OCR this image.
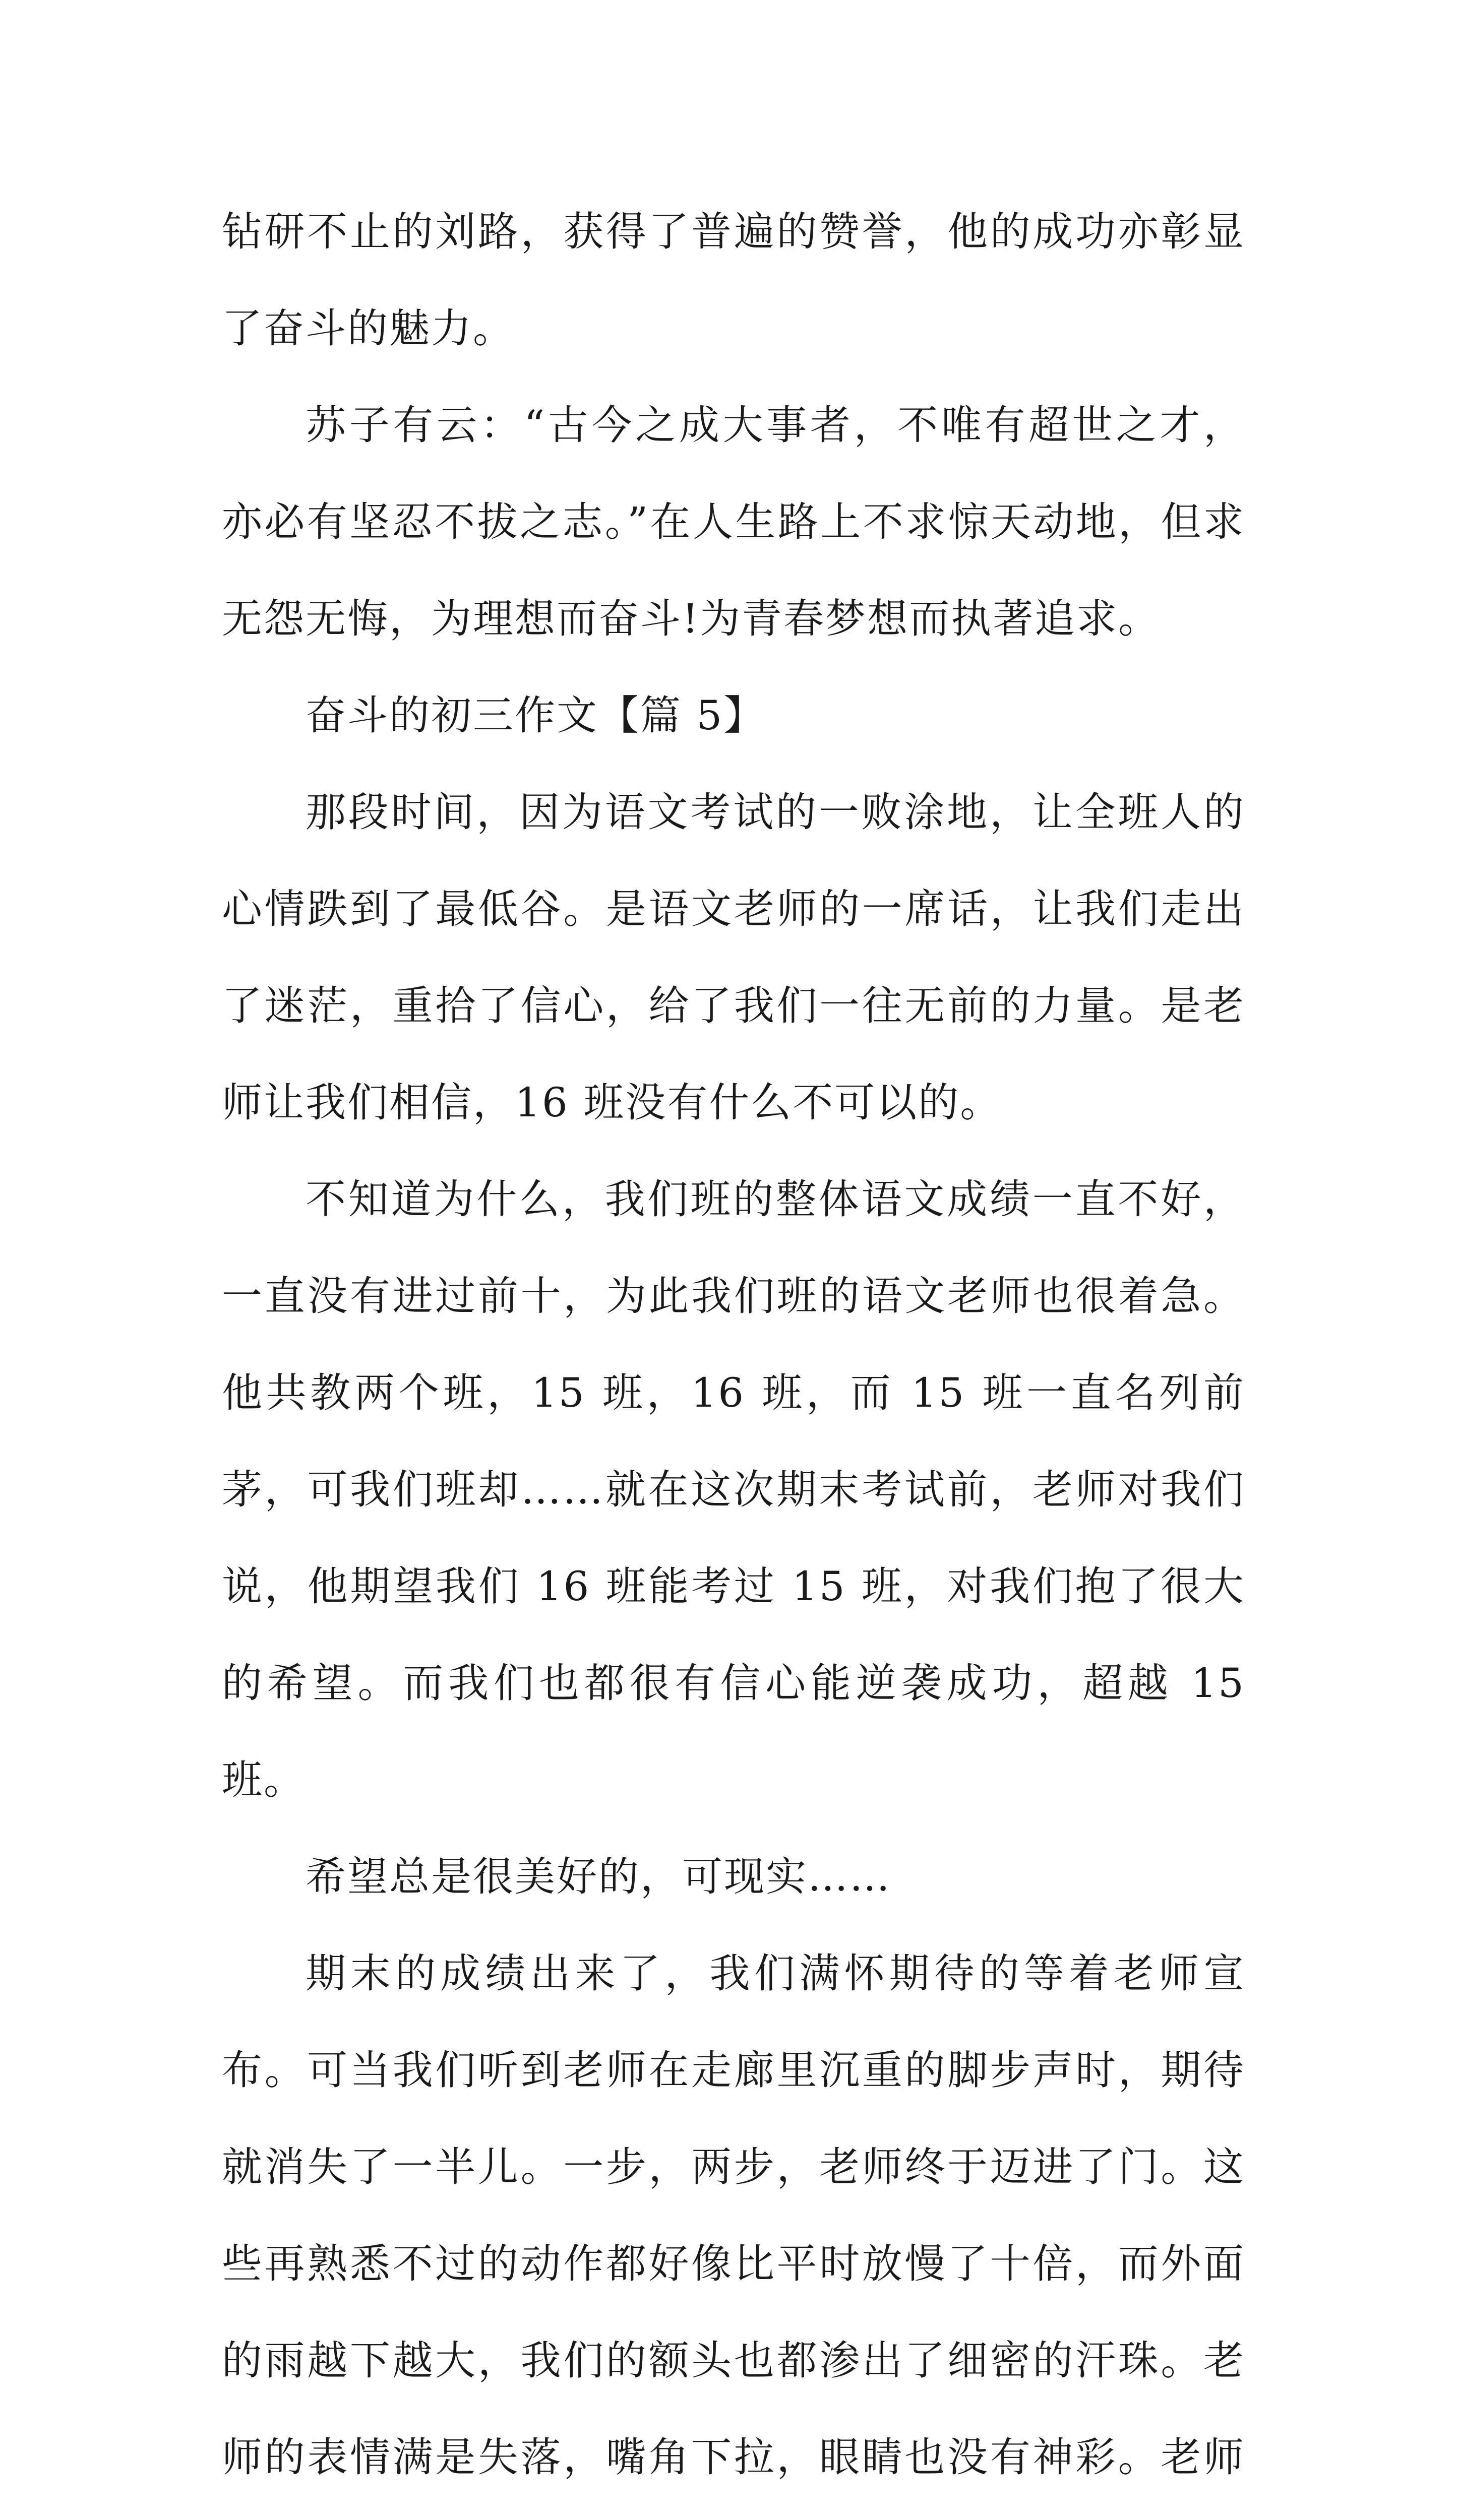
钻研不止的刘路，获得了普遍的赞誉，他的成功亦彰显了奋斗的魅力。

苏子有云：“古今之成大事者，不唯有超世之才，亦必有坚忍不拔之志。”在人生路上不求惊天动地，但求无怨无悔，为理想而奋斗!为青春梦想而执著追求。

奋斗的初三作文【篇 5】

那段时间，因为语文考试的一败涂地，让全班人的心情跌到了最低谷。是语文老师的一席话，让我们走出了迷茫，重拾了信心，给了我们一往无前的力量。是老师让我们相信，16 班没有什么不可以的。

不知道为什么，我们班的整体语文成绩一直不好，一直没有进过前十，为此我们班的语文老师也很着急。他共教两个班，15 班，16 班，而 15 班一直名列前茅，可我们班却……就在这次期末考试前，老师对我们说，他期望我们 16 班能考过 15 班，对我们抱了很大的希望。而我们也都很有信心能逆袭成功，超越 15 班。

希望总是很美好的，可现实……

期末的成绩出来了，我们满怀期待的等着老师宣布。可当我们听到老师在走廊里沉重的脚步声时，期待就消失了一半儿。一步，两步，老师终于迈进了门。这些再熟悉不过的动作都好像比平时放慢了十倍，而外面的雨越下越大，我们的额头也都渗出了细密的汗珠。老师的表情满是失落，嘴角下拉，眼睛也没有神彩。老师
